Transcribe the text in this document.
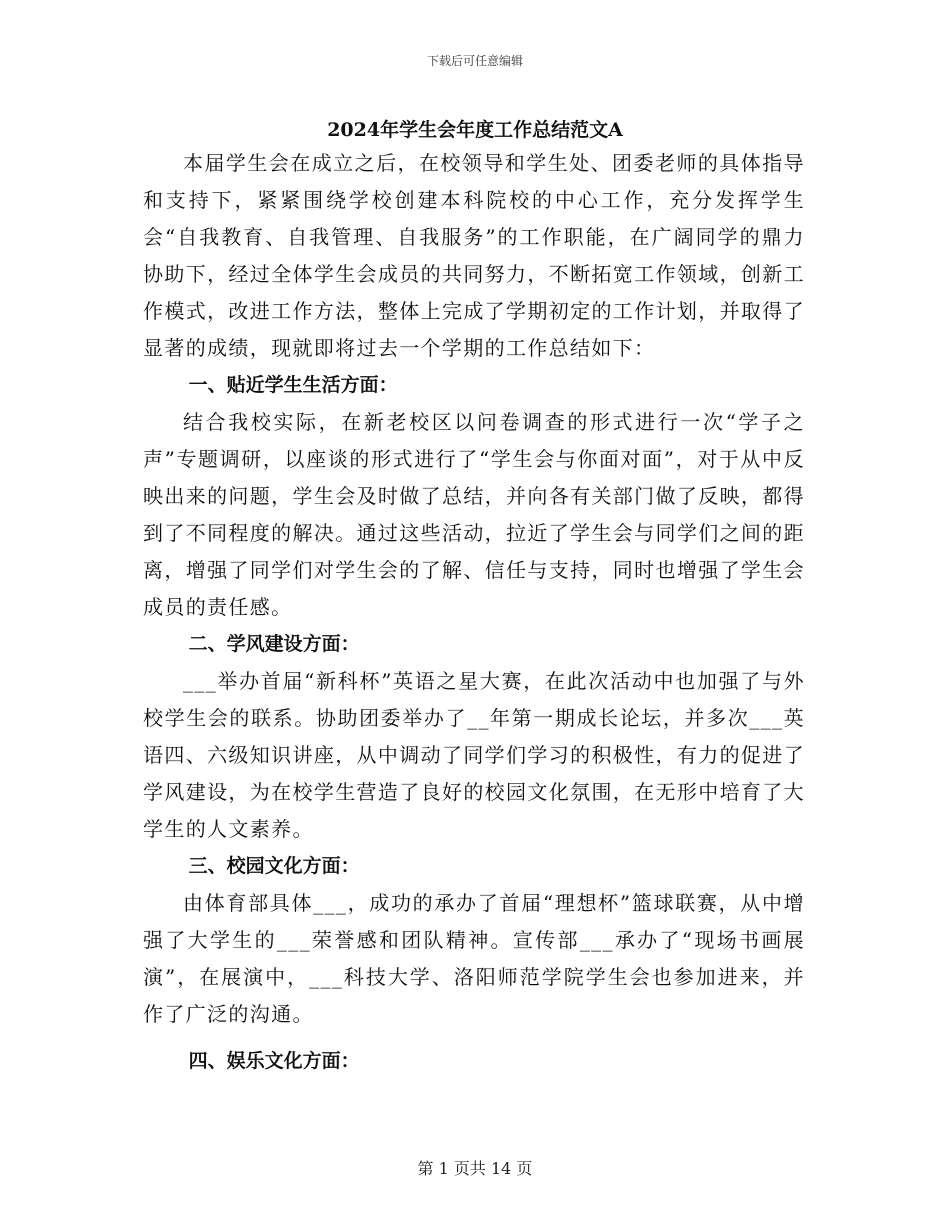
下载后可任意编辑
2024年学生会年度工作总结范文A

本届学生会在成立之后，在校领导和学生处、团委老师的具体指导和支持下，紧紧围绕学校创建本科院校的中心工作，充分发挥学生会“自我教育、自我管理、自我服务”的工作职能，在广阔同学的鼎力协助下，经过全体学生会成员的共同努力，不断拓宽工作领域，创新工作模式，改进工作方法，整体上完成了学期初定的工作计划，并取得了显著的成绩，现就即将过去一个学期的工作总结如下：

一、贴近学生生活方面：

结合我校实际，在新老校区以问卷调查的形式进行一次“学子之声”专题调研，以座谈的形式进行了“学生会与你面对面”，对于从中反映出来的问题，学生会及时做了总结，并向各有关部门做了反映，都得到了不同程度的解决。通过这些活动，拉近了学生会与同学们之间的距离，增强了同学们对学生会的了解、信任与支持，同时也增强了学生会成员的责任感。

二、学风建设方面：

___举办首届“新科杯”英语之星大赛，在此次活动中也加强了与外校学生会的联系。协助团委举办了__年第一期成长论坛，并多次___英语四、六级知识讲座，从中调动了同学们学习的积极性，有力的促进了学风建设，为在校学生营造了良好的校园文化氛围，在无形中培育了大学生的人文素养。

三、校园文化方面：

由体育部具体___，成功的承办了首届“理想杯”篮球联赛，从中增强了大学生的___荣誉感和团队精神。宣传部___承办了“现场书画展演”，在展演中，___科技大学、洛阳师范学院学生会也参加进来，并作了广泛的沟通。

四、娱乐文化方面：

第 1 页共 14 页
